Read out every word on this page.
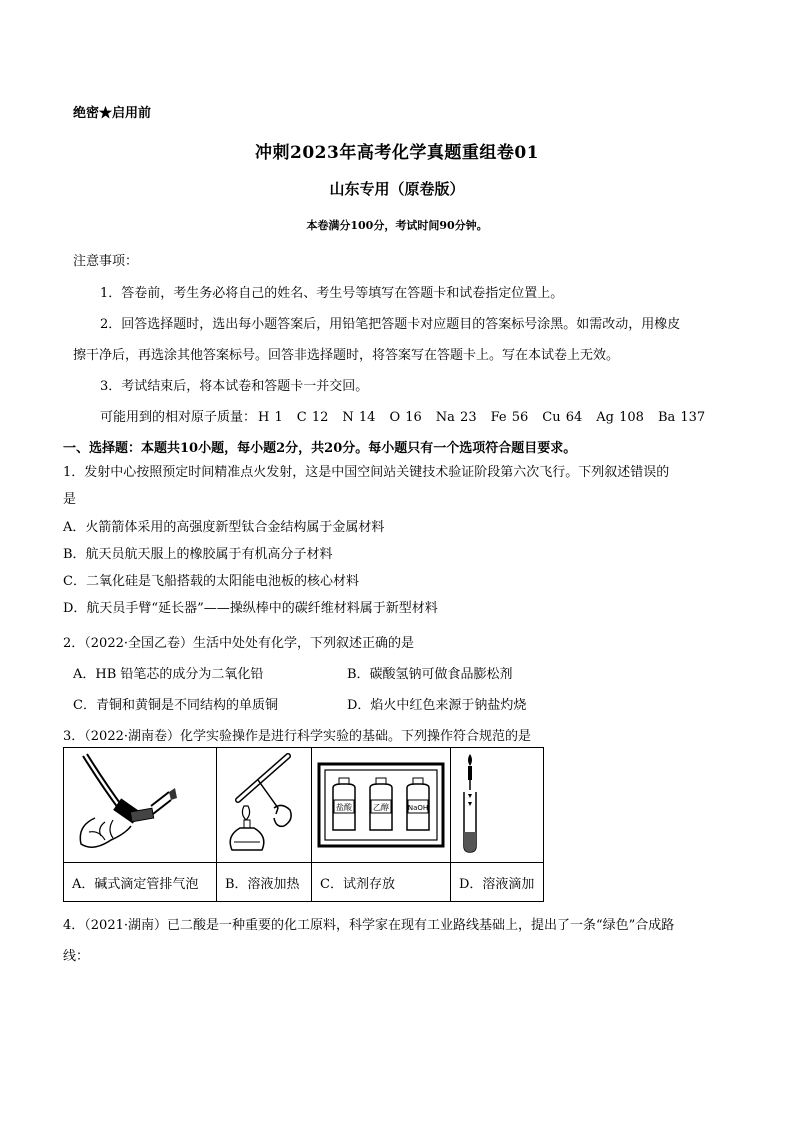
绝密★启用前
冲刺2023年高考化学真题重组卷01
山东专用（原卷版）
本卷满分100分，考试时间90分钟。
注意事项：
1．答卷前，考生务必将自己的姓名、考生号等填写在答题卡和试卷指定位置上。
2．回答选择题时，选出每小题答案后，用铅笔把答题卡对应题目的答案标号涂黑。如需改动，用橡皮
擦干净后，再选涂其他答案标号。回答非选择题时，将答案写在答题卡上。写在本试卷上无效。
3．考试结束后，将本试卷和答题卡一并交回。
可能用到的相对原子质量： H 1 C 12 N 14 O 16 Na 23 Fe 56 Cu 64 Ag 108 Ba 137
一、选择题：本题共10小题，每小题2分，共20分。每小题只有一个选项符合题目要求。
1．发射中心按照预定时间精准点火发射，这是中国空间站关键技术验证阶段第六次飞行。下列叙述错误的
是
A．火箭箭体采用的高强度新型钛合金结构属于金属材料
B．航天员航天服上的橡胶属于有机高分子材料
C．二氧化硅是飞船搭载的太阳能电池板的核心材料
D．航天员手臂“延长器”——操纵棒中的碳纤维材料属于新型材料
2．（2022·全国乙卷）生活中处处有化学，下列叙述正确的是
A．HB 铅笔芯的成分为二氧化铅	B．碳酸氢钠可做食品膨松剂
C．青铜和黄铜是不同结构的单质铜	D．焰火中红色来源于钠盐灼烧
3．（2022·湖南卷）化学实验操作是进行科学实验的基础。下列操作符合规范的是

盐酸 乙醇 NaOH

A．碱式滴定管排气泡	B．溶液加热	C．试剂存放	D．溶液滴加
4．（2021·湖南）已二酸是一种重要的化工原料，科学家在现有工业路线基础上，提出了一条“绿色”合成路
线：
